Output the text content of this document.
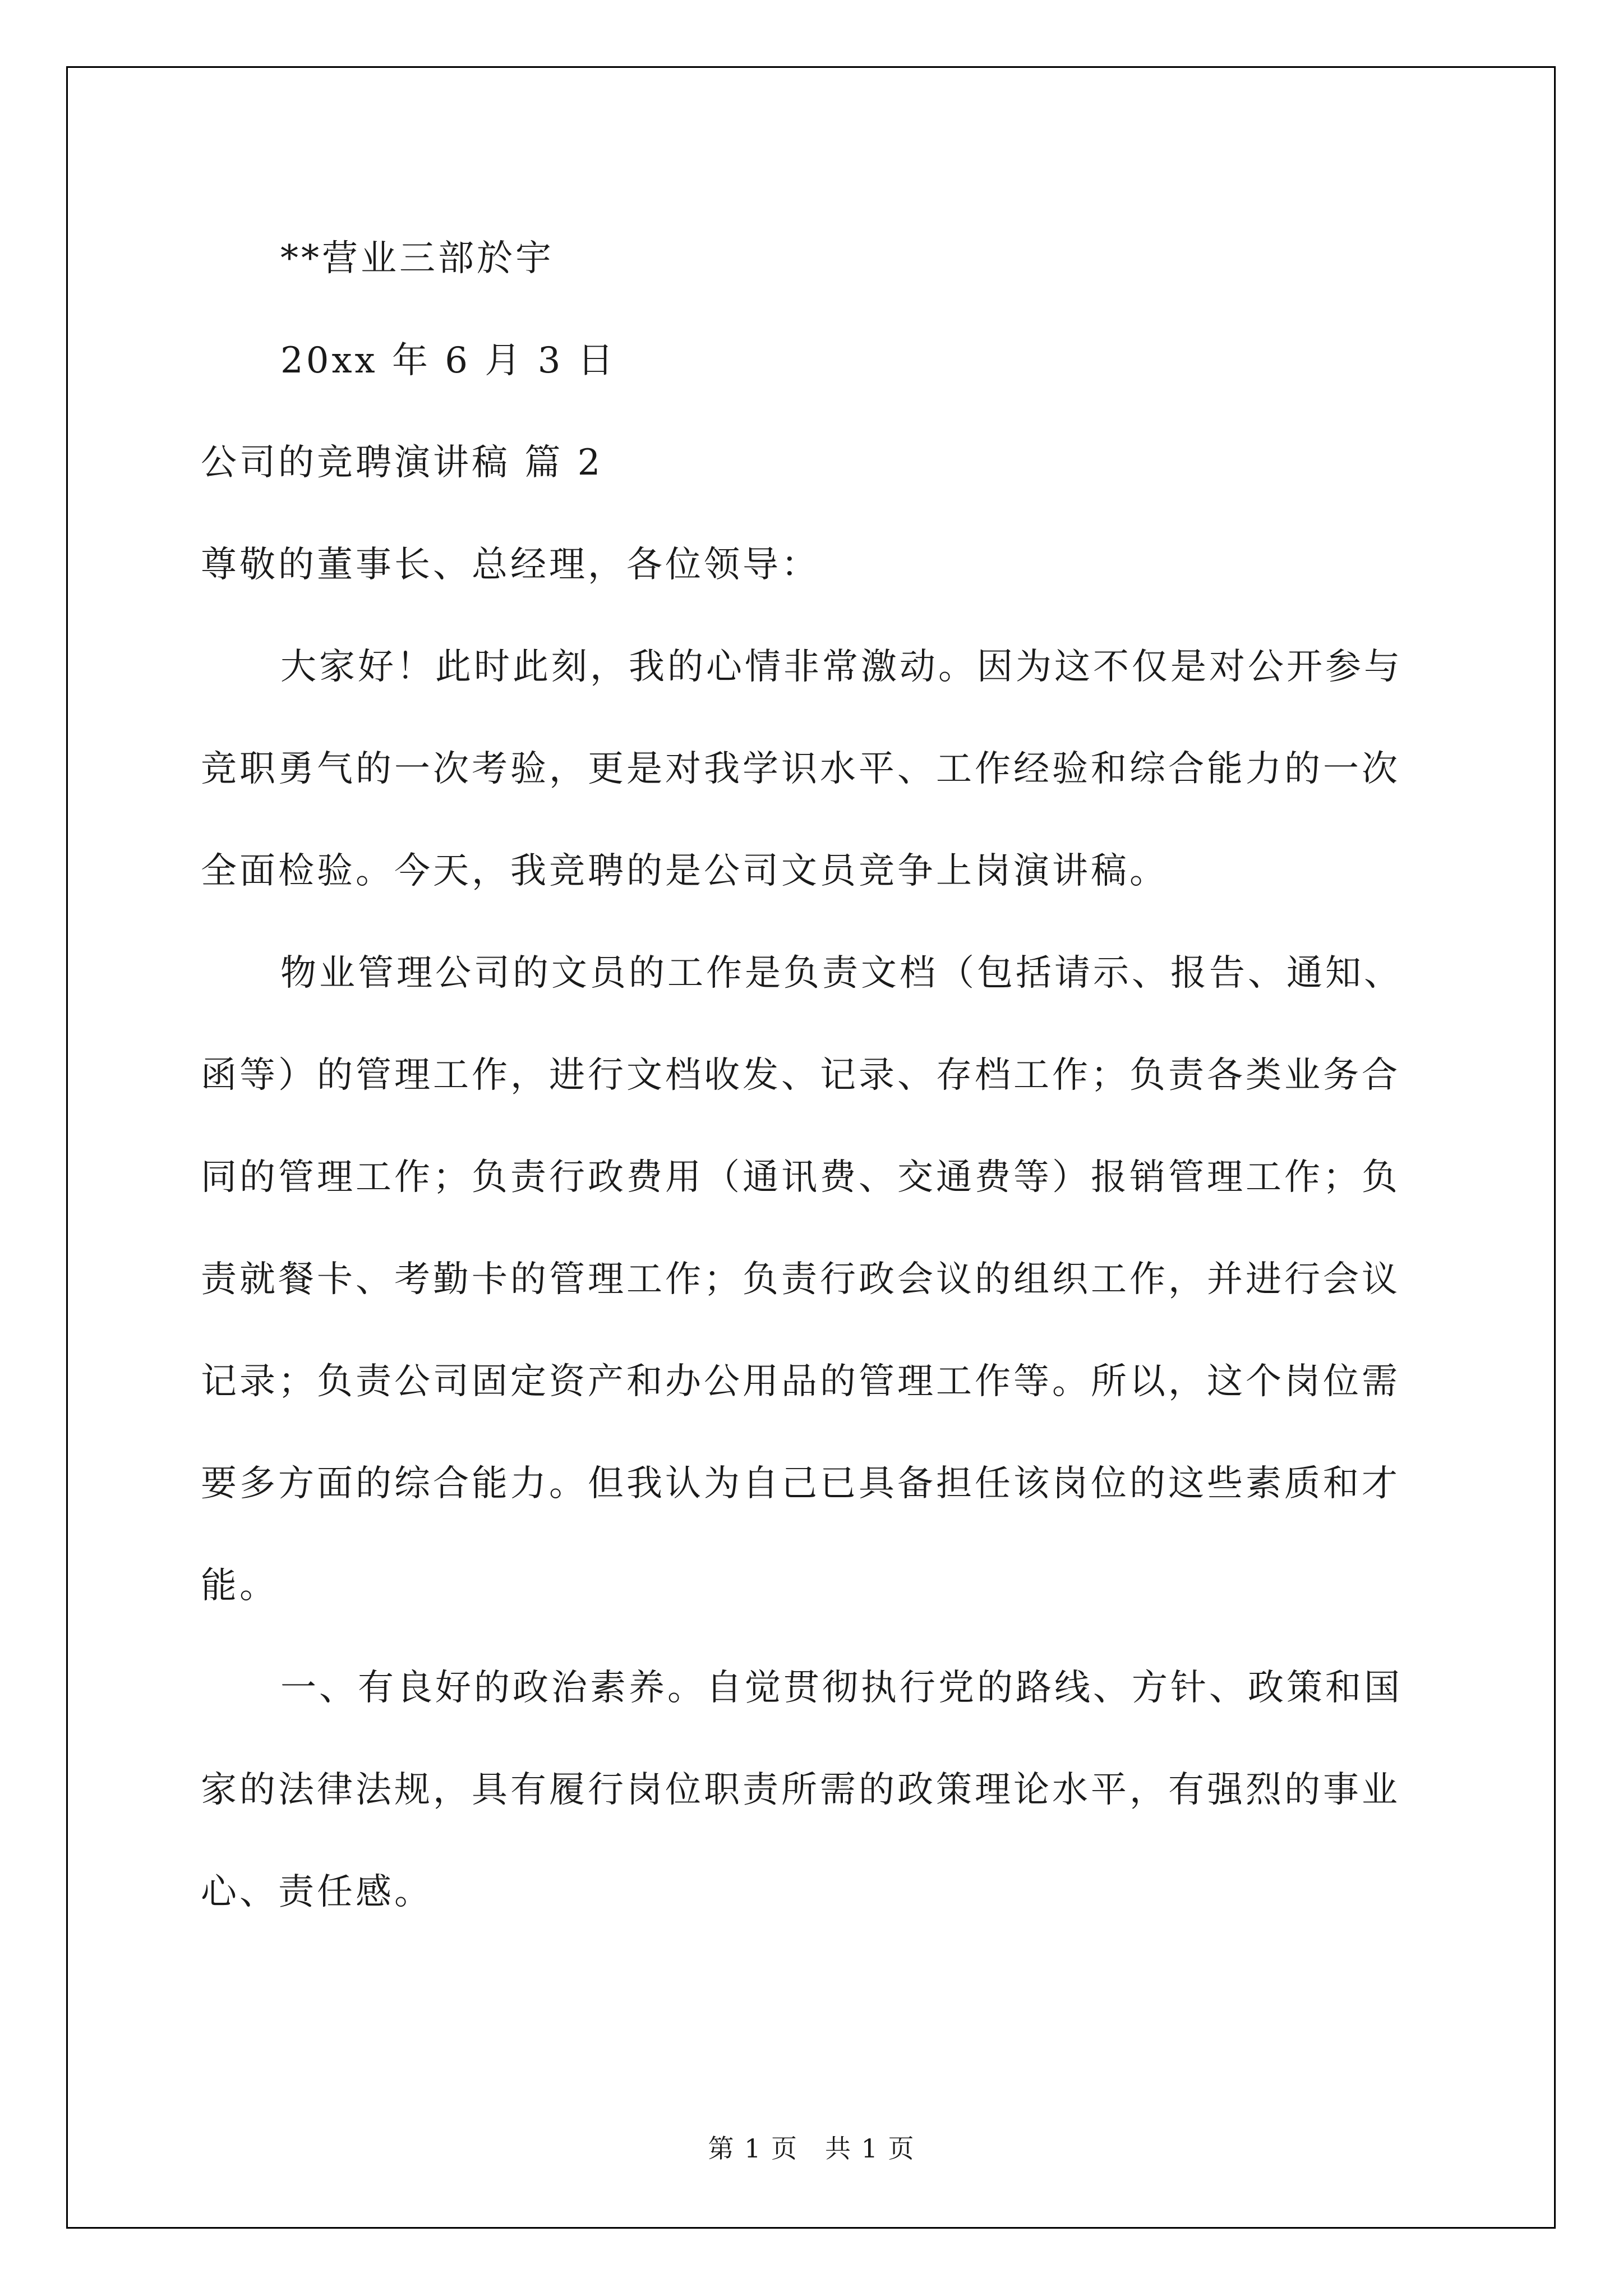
**营业三部於宇

20xx 年 6 月 3 日

公司的竞聘演讲稿 篇 2

尊敬的董事长、总经理，各位领导：

大家好！此时此刻，我的心情非常激动。因为这不仅是对公开参与竞职勇气的一次考验，更是对我学识水平、工作经验和综合能力的一次全面检验。今天，我竞聘的是公司文员竞争上岗演讲稿。

物业管理公司的文员的工作是负责文档（包括请示、报告、通知、函等）的管理工作，进行文档收发、记录、存档工作；负责各类业务合同的管理工作；负责行政费用（通讯费、交通费等）报销管理工作；负责就餐卡、考勤卡的管理工作；负责行政会议的组织工作，并进行会议记录；负责公司固定资产和办公用品的管理工作等。所以，这个岗位需要多方面的综合能力。但我认为自己已具备担任该岗位的这些素质和才能。

一、有良好的政治素养。自觉贯彻执行党的路线、方针、政策和国家的法律法规，具有履行岗位职责所需的政策理论水平，有强烈的事业心、责任感。

第 1 页　共 1 页
